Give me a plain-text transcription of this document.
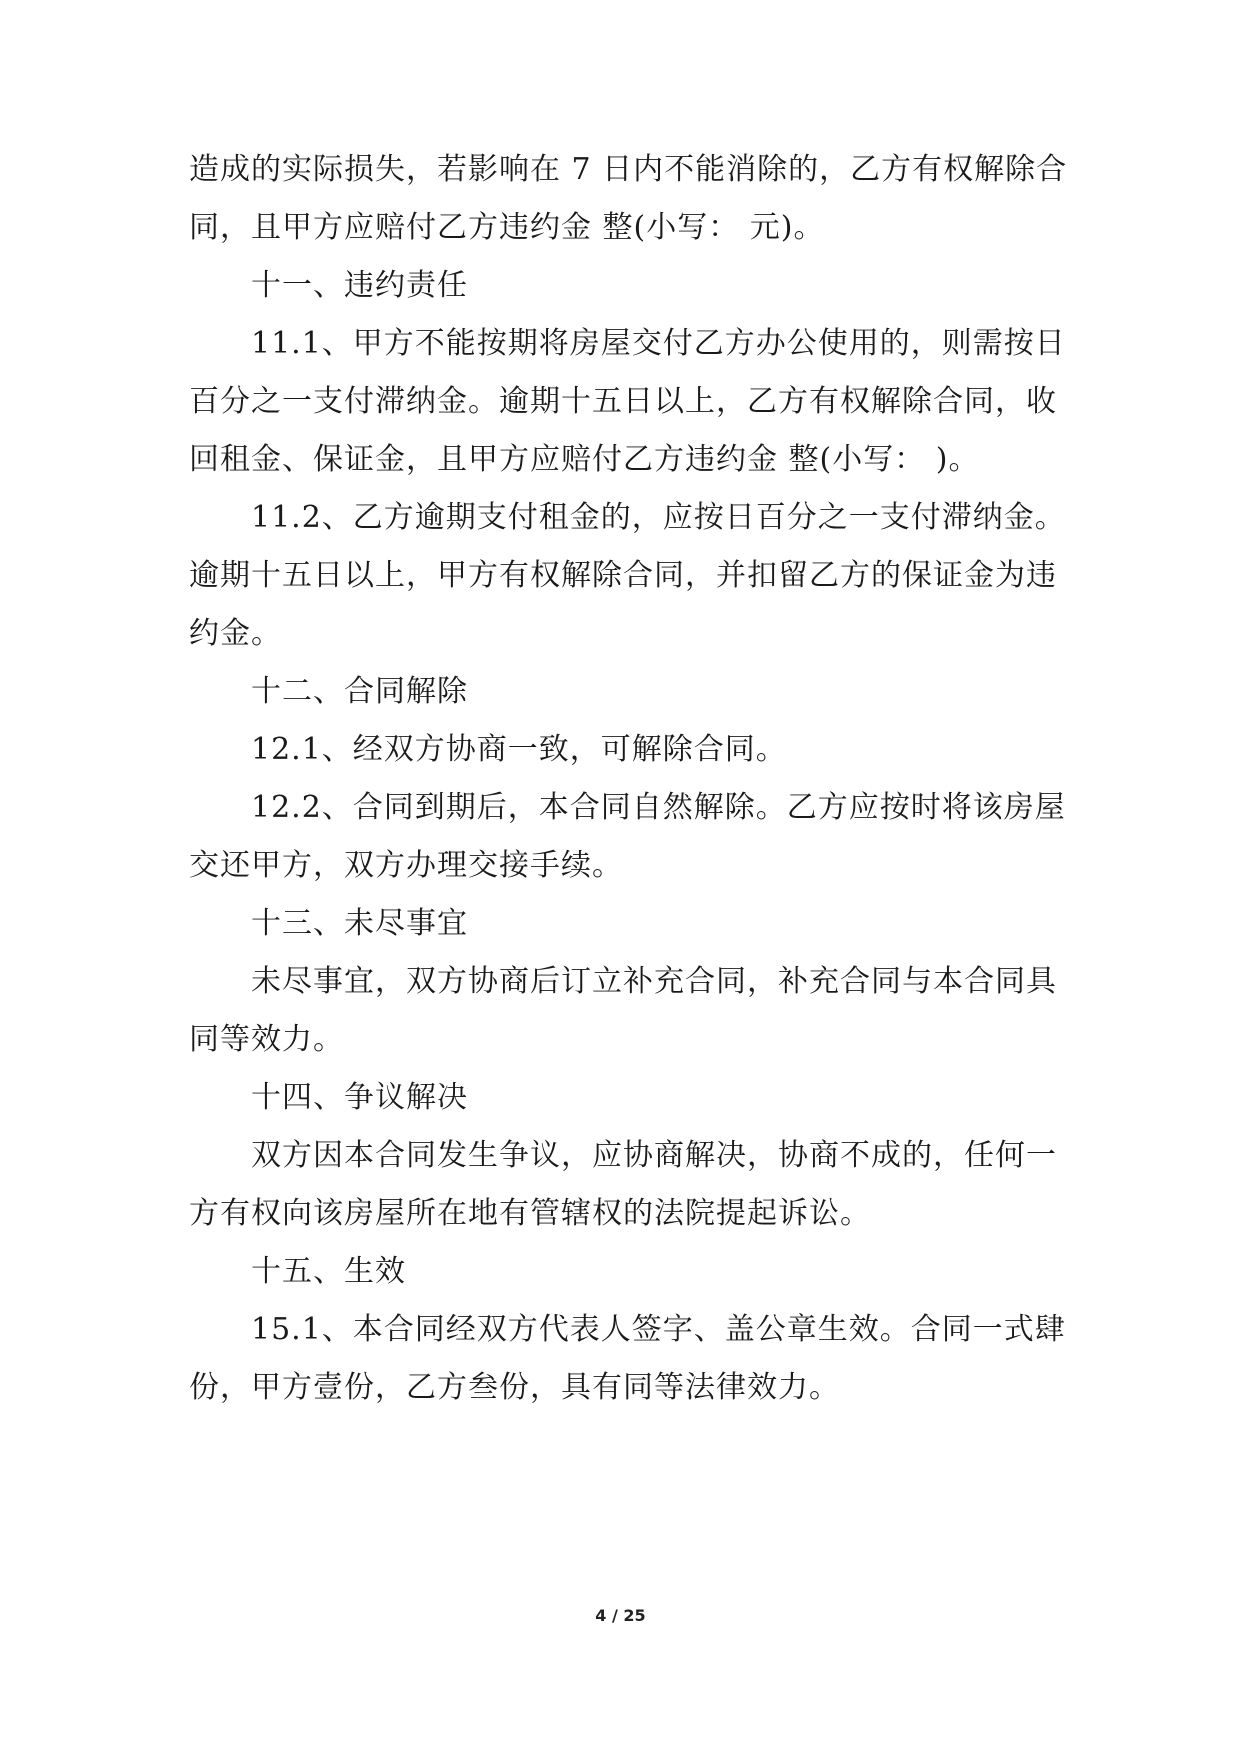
造成的实际损失，若影响在 7 日内不能消除的，乙方有权解除合
同，且甲方应赔付乙方违约金 整(小写： 元)。
十一、违约责任
11.1、甲方不能按期将房屋交付乙方办公使用的，则需按日
百分之一支付滞纳金。逾期十五日以上，乙方有权解除合同，收
回租金、保证金，且甲方应赔付乙方违约金 整(小写： )。
11.2、乙方逾期支付租金的，应按日百分之一支付滞纳金。
逾期十五日以上，甲方有权解除合同，并扣留乙方的保证金为违
约金。
十二、合同解除
12.1、经双方协商一致，可解除合同。
12.2、合同到期后，本合同自然解除。乙方应按时将该房屋
交还甲方，双方办理交接手续。
十三、未尽事宜
未尽事宜，双方协商后订立补充合同，补充合同与本合同具
同等效力。
十四、争议解决
双方因本合同发生争议，应协商解决，协商不成的，任何一
方有权向该房屋所在地有管辖权的法院提起诉讼。
十五、生效
15.1、本合同经双方代表人签字、盖公章生效。合同一式肆
份，甲方壹份，乙方叁份，具有同等法律效力。
4 / 25
